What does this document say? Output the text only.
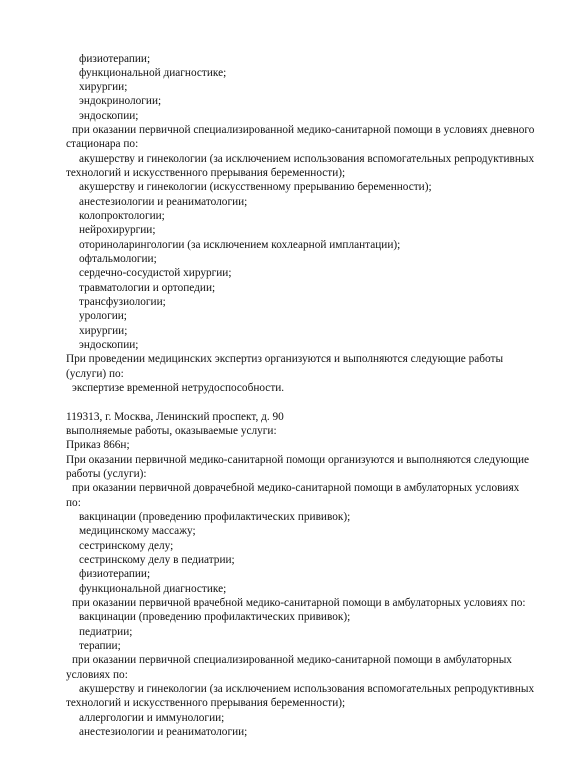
физиотерапии;
функциональной диагностике;
хирургии;
эндокринологии;
эндоскопии;
при оказании первичной специализированной медико-санитарной помощи в условиях дневного
стационара по:
акушерству и гинекологии (за исключением использования вспомогательных репродуктивных
технологий и искусственного прерывания беременности);
акушерству и гинекологии (искусственному прерыванию беременности);
анестезиологии и реаниматологии;
колопроктологии;
нейрохирургии;
оториноларингологии (за исключением кохлеарной имплантации);
офтальмологии;
сердечно-сосудистой хирургии;
травматологии и ортопедии;
трансфузиологии;
урологии;
хирургии;
эндоскопии;
При проведении медицинских экспертиз организуются и выполняются следующие работы
(услуги) по:
экспертизе временной нетрудоспособности.
119313, г. Москва, Ленинский проспект, д. 90
выполняемые работы, оказываемые услуги:
Приказ 866н;
При оказании первичной медико-санитарной помощи организуются и выполняются следующие
работы (услуги):
при оказании первичной доврачебной медико-санитарной помощи в амбулаторных условиях
по:
вакцинации (проведению профилактических прививок);
медицинскому массажу;
сестринскому делу;
сестринскому делу в педиатрии;
физиотерапии;
функциональной диагностике;
при оказании первичной врачебной медико-санитарной помощи в амбулаторных условиях по:
вакцинации (проведению профилактических прививок);
педиатрии;
терапии;
при оказании первичной специализированной медико-санитарной помощи в амбулаторных
условиях по:
акушерству и гинекологии (за исключением использования вспомогательных репродуктивных
технологий и искусственного прерывания беременности);
аллергологии и иммунологии;
анестезиологии и реаниматологии;
